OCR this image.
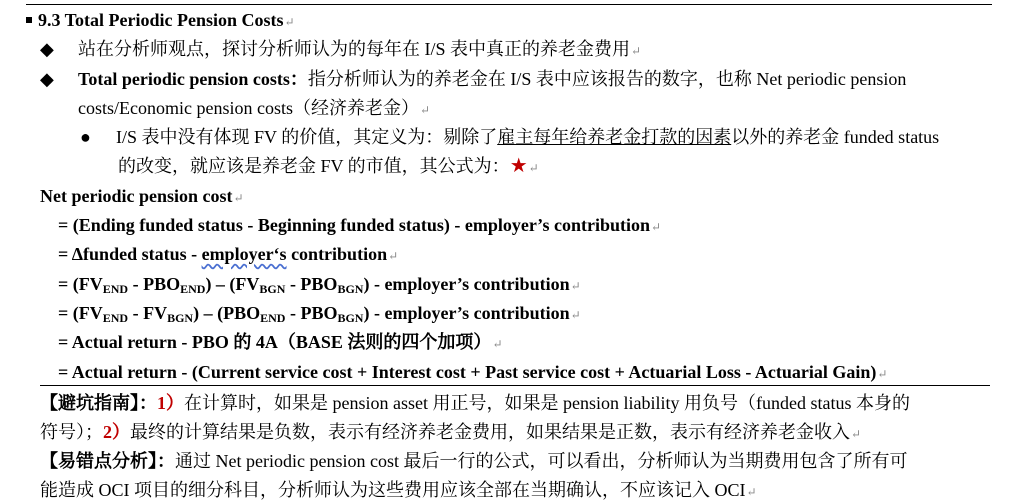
9.3 Total Periodic Pension Costs↵
◆ 站在分析师观点，探讨分析师认为的每年在 I/S 表中真正的养老金费用↵
◆ Total periodic pension costs：指分析师认为的养老金在 I/S 表中应该报告的数字，也称 Net periodic pension
costs/Economic pension costs（经济养老金）↵
● I/S 表中没有体现 FV 的价值，其定义为：剔除了雇主每年给养老金打款的因素以外的养老金 funded status
的改变，就应该是养老金 FV 的市值，其公式为：★↵
Net periodic pension cost↵
= (Ending funded status - Beginning funded status) - employer’s contribution↵
= Δfunded status - employer‘s contribution↵
= $(FV_{END} - PBO_{END}) - (FV_{BGN} - PBO_{BGN})$ - employer’s contribution↵
= $(FV_{END} - FV_{BGN}) - (PBO_{END} - PBO_{BGN})$ - employer’s contribution↵
= Actual return - PBO 的 4A（BASE 法则的四个加项）↵
= Actual return - (Current service cost + Interest cost + Past service cost + Actuarial Loss - Actuarial Gain)↵
【避坑指南】：1）在计算时，如果是 pension asset 用正号，如果是 pension liability 用负号（funded status 本身的
符号）；2）最终的计算结果是负数，表示有经济养老金费用，如果结果是正数，表示有经济养老金收入↵
【易错点分析】：通过 Net periodic pension cost 最后一行的公式，可以看出，分析师认为当期费用包含了所有可
能造成 OCI 项目的细分科目，分析师认为这些费用应该全部在当期确认，不应该记入 OCI↵
